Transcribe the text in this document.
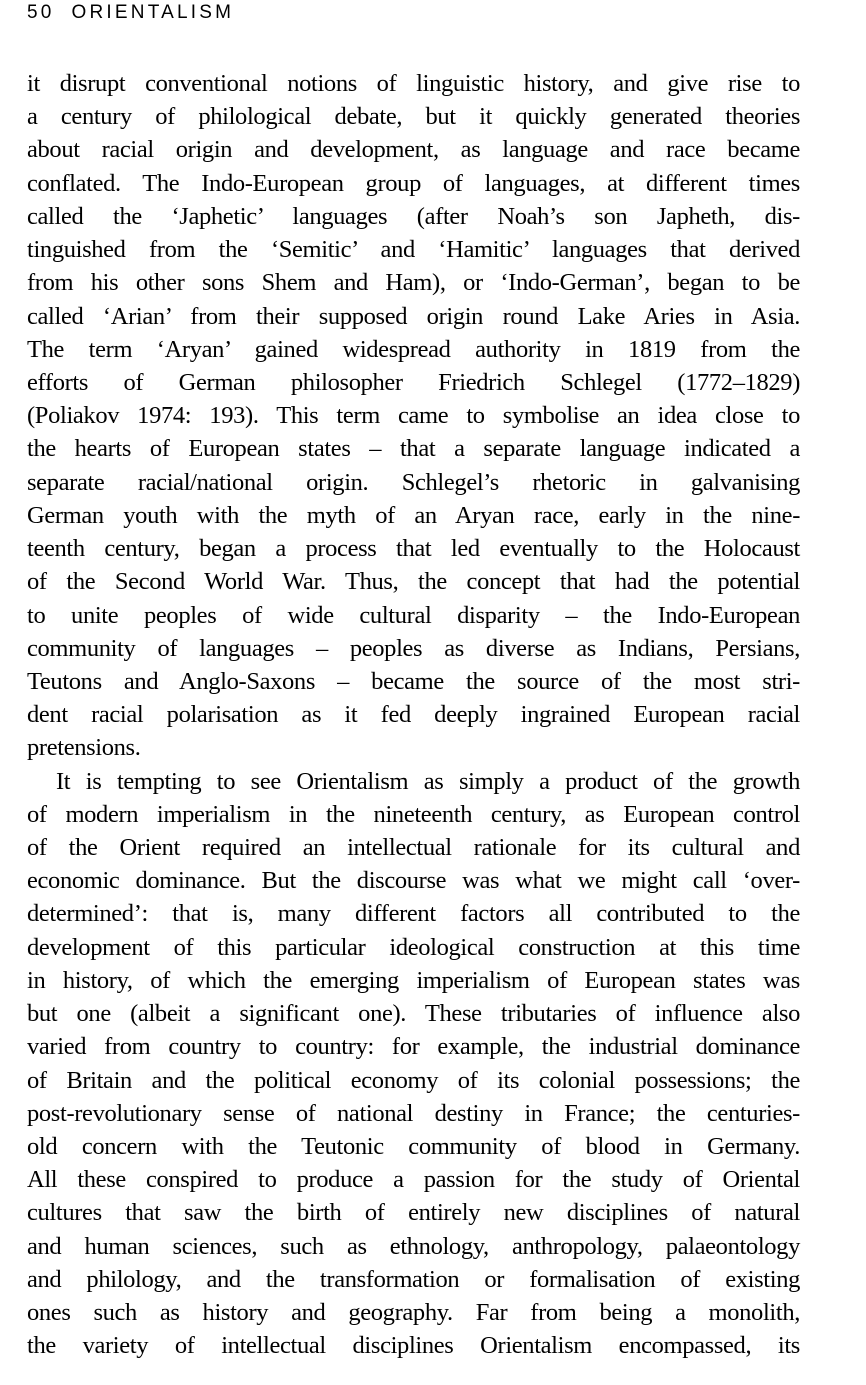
50 ORIENTALISM
it disrupt conventional notions of linguistic history, and give rise to
a century of philological debate, but it quickly generated theories
about racial origin and development, as language and race became
conflated. The Indo-European group of languages, at different times
called the ‘Japhetic’ languages (after Noah’s son Japheth, dis-
tinguished from the ‘Semitic’ and ‘Hamitic’ languages that derived
from his other sons Shem and Ham), or ‘Indo-German’, began to be
called ‘Arian’ from their supposed origin round Lake Aries in Asia.
The term ‘Aryan’ gained widespread authority in 1819 from the
efforts of German philosopher Friedrich Schlegel (1772–1829)
(Poliakov 1974: 193). This term came to symbolise an idea close to
the hearts of European states – that a separate language indicated a
separate racial/national origin. Schlegel’s rhetoric in galvanising
German youth with the myth of an Aryan race, early in the nine-
teenth century, began a process that led eventually to the Holocaust
of the Second World War. Thus, the concept that had the potential
to unite peoples of wide cultural disparity – the Indo-European
community of languages – peoples as diverse as Indians, Persians,
Teutons and Anglo-Saxons – became the source of the most stri-
dent racial polarisation as it fed deeply ingrained European racial
pretensions.
It is tempting to see Orientalism as simply a product of the growth
of modern imperialism in the nineteenth century, as European control
of the Orient required an intellectual rationale for its cultural and
economic dominance. But the discourse was what we might call ‘over-
determined’: that is, many different factors all contributed to the
development of this particular ideological construction at this time
in history, of which the emerging imperialism of European states was
but one (albeit a significant one). These tributaries of influence also
varied from country to country: for example, the industrial dominance
of Britain and the political economy of its colonial possessions; the
post-revolutionary sense of national destiny in France; the centuries-
old concern with the Teutonic community of blood in Germany.
All these conspired to produce a passion for the study of Oriental
cultures that saw the birth of entirely new disciplines of natural
and human sciences, such as ethnology, anthropology, palaeontology
and philology, and the transformation or formalisation of existing
ones such as history and geography. Far from being a monolith,
the variety of intellectual disciplines Orientalism encompassed, its
